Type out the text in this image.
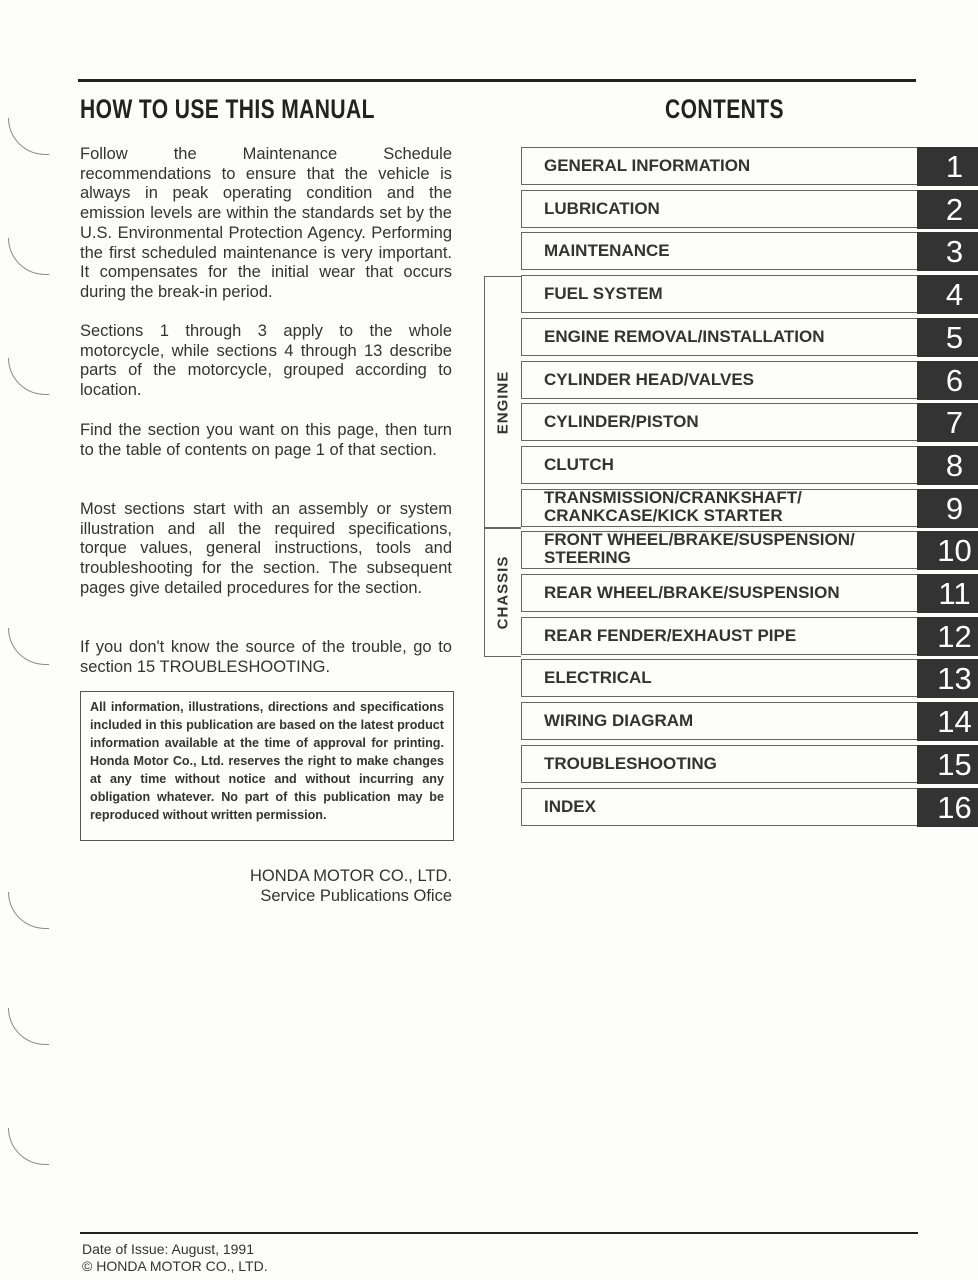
HOW TO USE THIS MANUAL	CONTENTS
Follow the Maintenance Schedule recommendations to ensure that the vehicle is always in peak operating condition and the emission levels are within the standards set by the U.S. Environmental Protection Agency. Performing the first scheduled maintenance is very important. It compensates for the initial wear that occurs during the break-in period.
Sections 1 through 3 apply to the whole motorcycle, while sections 4 through 13 describe parts of the motorcycle, grouped according to location.
Find the section you want on this page, then turn to the table of contents on page 1 of that section.
Most sections start with an assembly or system illustration and all the required specifications, torque values, general instructions, tools and troubleshooting for the section. The subsequent pages give detailed procedures for the section.
If you don't know the source of the trouble, go to section 15 TROUBLESHOOTING.
All information, illustrations, directions and specifications included in this publication are based on the latest product information available at the time of approval for printing. Honda Motor Co., Ltd. reserves the right to make changes at any time without notice and without incurring any obligation whatever. No part of this publication may be reproduced without written permission.
HONDA MOTOR CO., LTD.
Service Publications Ofice
ENGINE
CHASSIS
GENERAL INFORMATION	1
LUBRICATION	2
MAINTENANCE	3
FUEL SYSTEM	4
ENGINE REMOVAL/INSTALLATION	5
CYLINDER HEAD/VALVES	6
CYLINDER/PISTON	7
CLUTCH	8
TRANSMISSION/CRANKSHAFT/
CRANKCASE/KICK STARTER	9
FRONT WHEEL/BRAKE/SUSPENSION/
STEERING	10
REAR WHEEL/BRAKE/SUSPENSION	11
REAR FENDER/EXHAUST PIPE	12
ELECTRICAL	13
WIRING DIAGRAM	14
TROUBLESHOOTING	15
INDEX	16
Date of Issue: August, 1991
© HONDA MOTOR CO., LTD.
